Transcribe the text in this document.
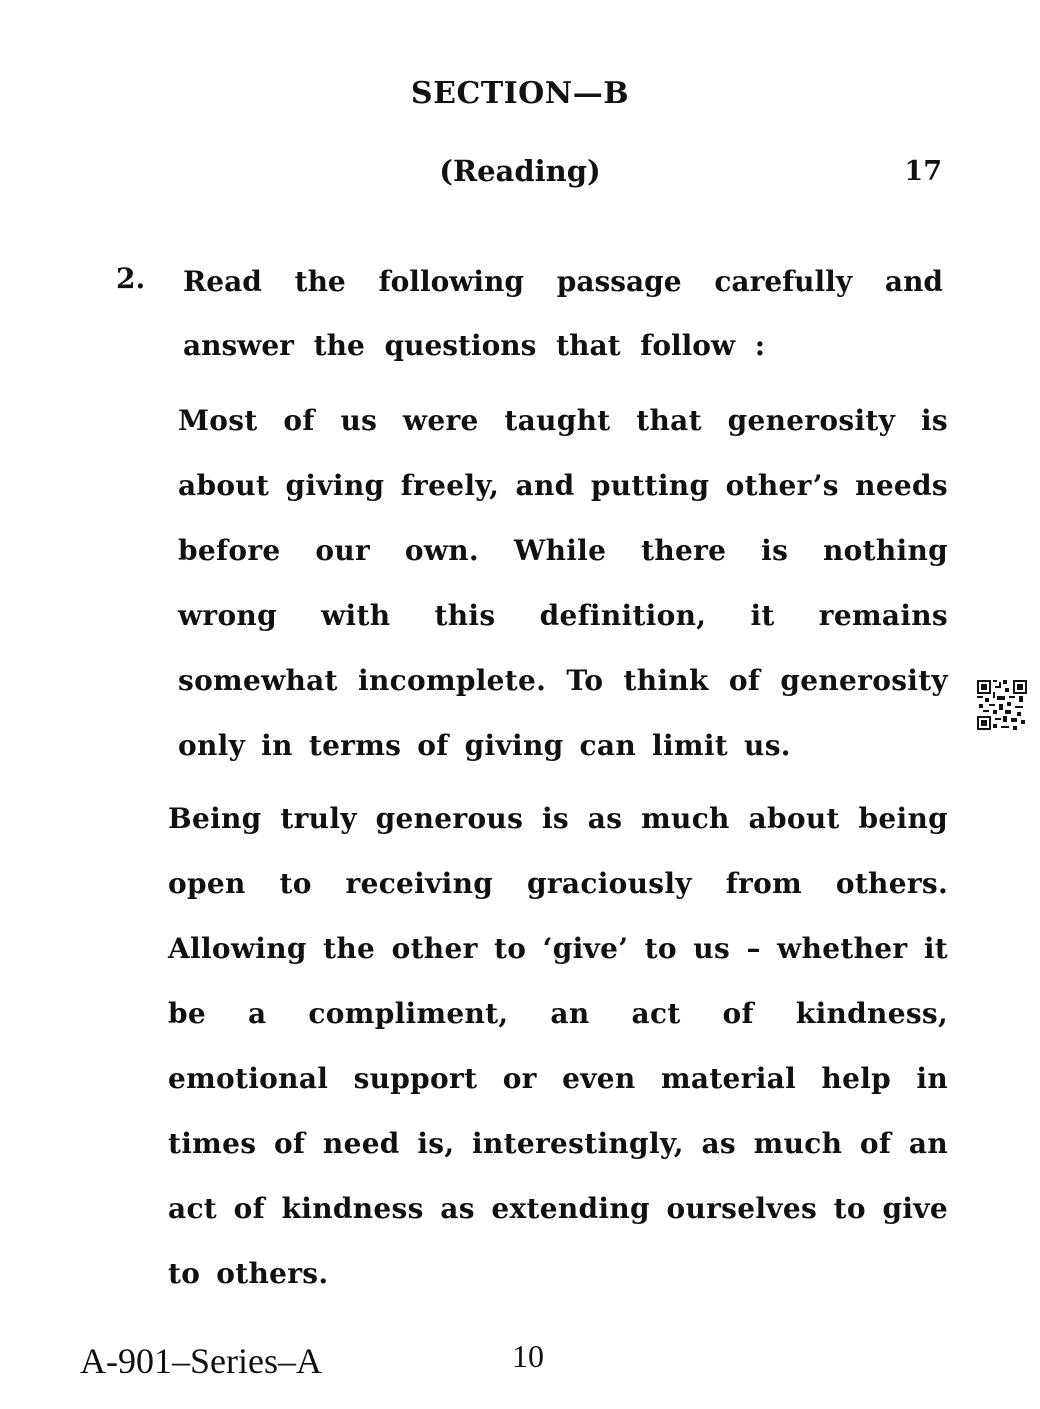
SECTION—B
(Reading)	17
2. Read the following passage carefully and answer the questions that follow :

Most of us were taught that generosity is about giving freely, and putting other’s needs before our own. While there is nothing wrong with this definition, it remains somewhat incomplete. To think of generosity only in terms of giving can limit us.

Being truly generous is as much about being open to receiving graciously from others. Allowing the other to ‘give’ to us – whether it be a compliment, an act of kindness, emotional support or even material help in times of need is, interestingly, as much of an act of kindness as extending ourselves to give to others.

A-901–Series–A	10
